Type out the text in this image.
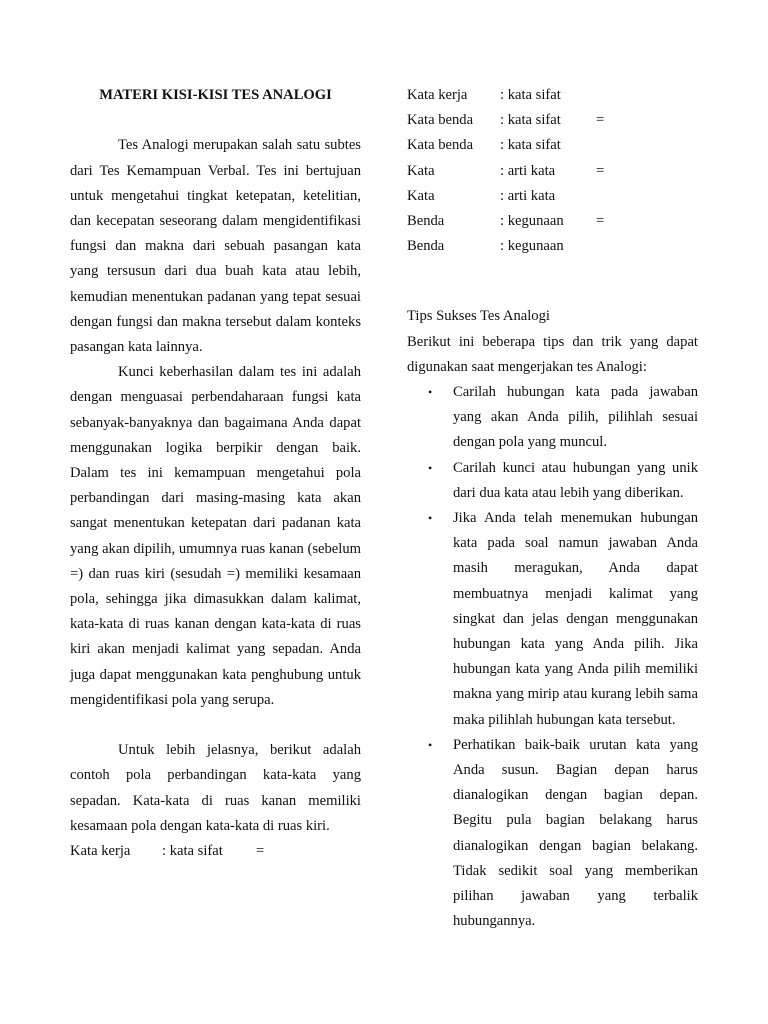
MATERI KISI-KISI TES ANALOGI

Tes Analogi merupakan salah satu subtes dari Tes Kemampuan Verbal. Tes ini bertujuan untuk mengetahui tingkat ketepatan, ketelitian, dan kecepatan seseorang dalam mengidentifikasi fungsi dan makna dari sebuah pasangan kata yang tersusun dari dua buah kata atau lebih, kemudian menentukan padanan yang tepat sesuai dengan fungsi dan makna tersebut dalam konteks pasangan kata lainnya.

Kunci keberhasilan dalam tes ini adalah dengan menguasai perbendaharaan fungsi kata sebanyak-banyaknya dan bagaimana Anda dapat menggunakan logika berpikir dengan baik. Dalam tes ini kemampuan mengetahui pola perbandingan dari masing-masing kata akan sangat menentukan ketepatan dari padanan kata yang akan dipilih, umumnya ruas kanan (sebelum =) dan ruas kiri (sesudah =) memiliki kesamaan pola, sehingga jika dimasukkan dalam kalimat, kata-kata di ruas kanan dengan kata-kata di ruas kiri akan menjadi kalimat yang sepadan. Anda juga dapat menggunakan kata penghubung untuk mengidentifikasi pola yang serupa.

Untuk lebih jelasnya, berikut adalah contoh pola perbandingan kata-kata yang sepadan. Kata-kata di ruas kanan memiliki kesamaan pola dengan kata-kata di ruas kiri.

Kata kerja	: kata sifat	=
Kata kerja	: kata sifat
Kata benda	: kata sifat	=
Kata benda	: kata sifat
Kata	: arti kata	=
Kata	: arti kata
Benda	: kegunaan	=
Benda	: kegunaan

Tips Sukses Tes Analogi

Berikut ini beberapa tips dan trik yang dapat digunakan saat mengerjakan tes Analogi:

• Carilah hubungan kata pada jawaban yang akan Anda pilih, pilihlah sesuai dengan pola yang muncul.
• Carilah kunci atau hubungan yang unik dari dua kata atau lebih yang diberikan.
• Jika Anda telah menemukan hubungan kata pada soal namun jawaban Anda masih meragukan, Anda dapat membuatnya menjadi kalimat yang singkat dan jelas dengan menggunakan hubungan kata yang Anda pilih. Jika hubungan kata yang Anda pilih memiliki makna yang mirip atau kurang lebih sama maka pilihlah hubungan kata tersebut.
• Perhatikan baik-baik urutan kata yang Anda susun. Bagian depan harus dianalogikan dengan bagian depan. Begitu pula bagian belakang harus dianalogikan dengan bagian belakang. Tidak sedikit soal yang memberikan pilihan jawaban yang terbalik hubungannya.
